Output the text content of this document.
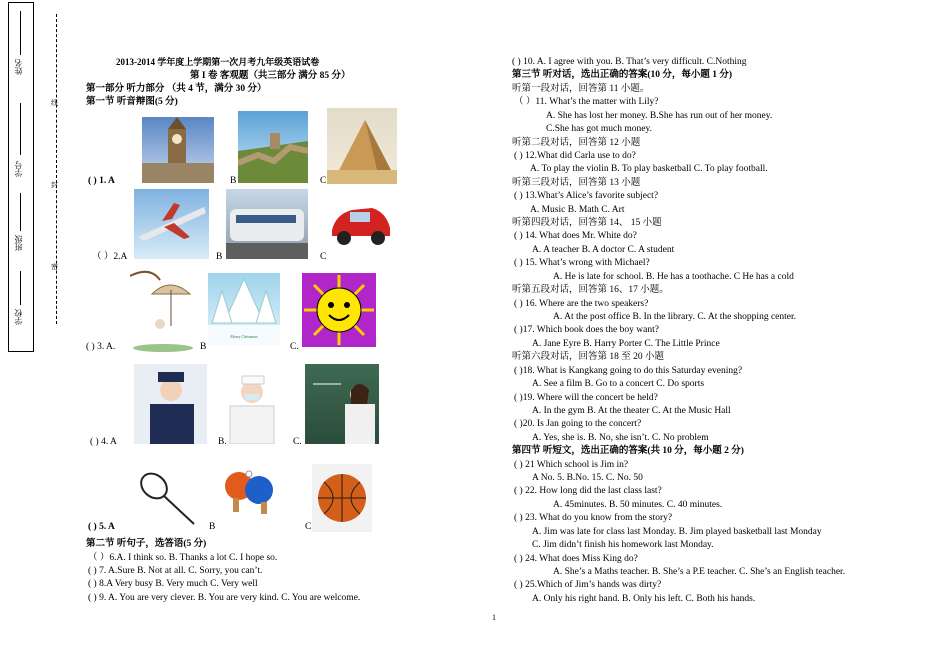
姓名
学号
班级
学校
线
封
密
2013-2014 学年度上学期第一次月考九年级英语试卷
第 I 卷 客观题（共三部分 满分 85 分）
第一部分 听力部分 （共 4 节，满分 30 分）
第一节 听音辩图(5 分)
( ) 1. A	B	C
（ ）2.A	B	C
Merry Christmas
( ) 3. A.	B	C.
( ) 4. A	B.	C.
( ) 5. A	B	C
第二节 听句子，选答语(5 分)
（ ）6.A. I think so. B. Thanks a lot C. I hope so.
( ) 7. A.Sure B. Not at all. C. Sorry, you can’t.
( ) 8.A Very busy B. Very much C. Very well
( ) 9. A. You are very clever. B. You are very kind. C. You are welcome.
( ) 10. A. I agree with you. B. That’s very difficult. C.Nothing
第三节 听对话，选出正确的答案(10 分，每小题 1 分)
听第一段对话，回答第 11 小题。
（ ）11. What’s the matter with Lily?
A. She has lost her money. B.She has run out of her money.
C.She has got much money.
听第二段对话，回答第 12 小题
( ) 12.What did Carla use to do?
A. To play the violin B. To play basketball C. To play football.
听第三段对话，回答第 13 小题
( ) 13.What’s Alice’s favorite subject?
A. Music B. Math C. Art
听第四段对话，回答第 14、 15 小题
( ) 14. What does Mr. White do?
A. A teacher B. A doctor C. A student
( ) 15. What’s wrong with Michael?
A. He is late for school. B. He has a toothache. C He has a cold
听第五段对话，回答第 16、17 小题。
( ) 16. Where are the two speakers?
A. At the post office B. In the library. C. At the shopping center.
( )17. Which book does the boy want?
A. Jane Eyre B. Harry Porter C. The Little Prince
听第六段对话，回答第 18 至 20 小题
( )18. What is Kangkang going to do this Saturday evening?
A. See a film B. Go to a concert C. Do sports
( )19. Where will the concert be held?
A. In the gym B. At the theater C. At the Music Hall
( )20. Is Jan going to the concert?
A. Yes, she is. B. No, she isn’t. C. No problem
第四节 听短文，选出正确的答案(共 10 分，每小题 2 分)
( ) 21 Which school is Jim in?
A No. 5. B.No. 15. C. No. 50
( ) 22. How long did the last class last?
A. 45minutes. B. 50 minutes. C. 40 minutes.
( ) 23. What do you know from the story?
A. Jim was late for class last Monday. B. Jim played basketball last Monday
C. Jim didn’t finish his homework last Monday.
( ) 24. What does Miss King do?
A. She’s a Maths teacher. B. She’s a P.E teacher. C. She’s an English teacher.
( ) 25.Which of Jim’s hands was dirty?
A. Only his right hand. B. Only his left. C. Both his hands.
1
